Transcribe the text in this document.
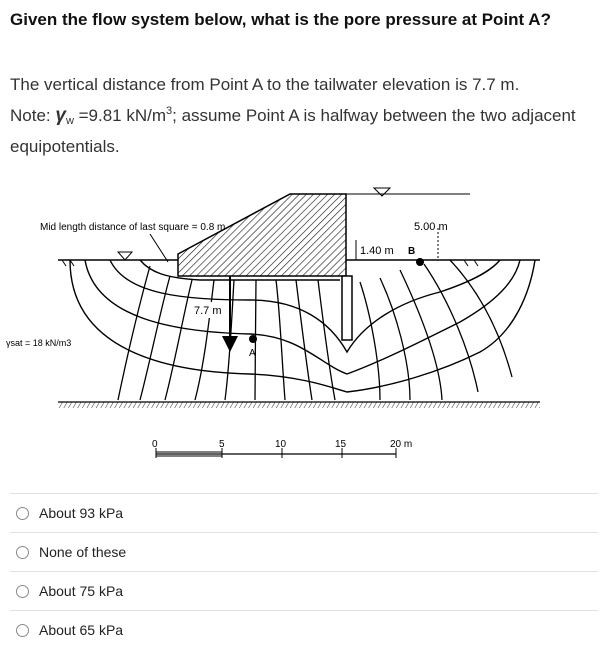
Given the flow system below, what is the pore pressure at Point A?

The vertical distance from Point A to the tailwater elevation is 7.7 m.

Note: $\gamma_w =9.81$ $kN/m^3$; assume Point A is halfway between the two adjacent equipotentials.

7.7 m
A
B
Mid length distance of last square = 0.8 m	5.00 m
1.40 m
γsat = 18 kN/m3
0	5	10	15	20 m
About 93 kPa
None of these
About 75 kPa
About 65 kPa
